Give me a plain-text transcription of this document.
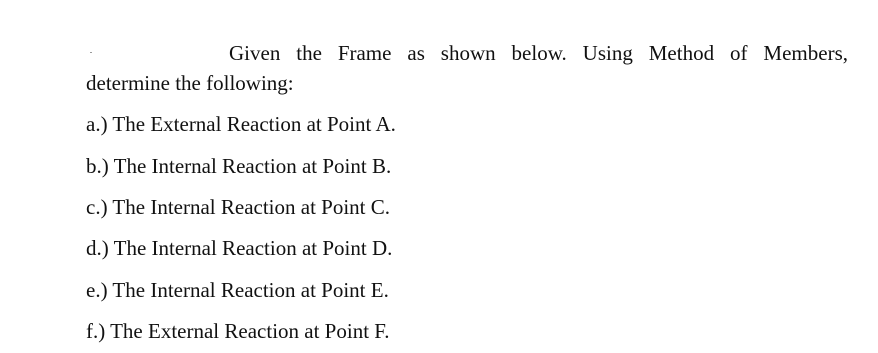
Given the Frame as shown below. Using Method of Members,
determine the following:
a.) The External Reaction at Point A.
b.) The Internal Reaction at Point B.
c.) The Internal Reaction at Point C.
d.) The Internal Reaction at Point D.
e.) The Internal Reaction at Point E.
f.) The External Reaction at Point F.
